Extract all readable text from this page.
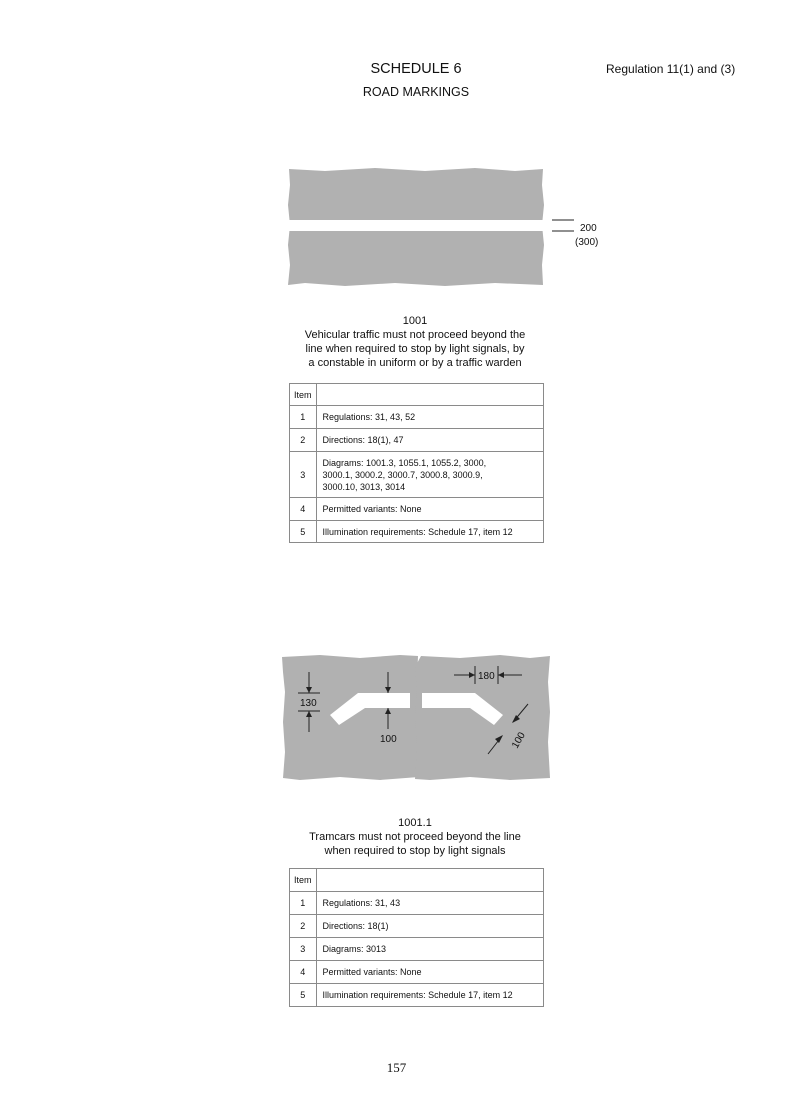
SCHEDULE 6
ROAD MARKINGS
Regulation 11(1) and (3)
200
(300)
1001
Vehicular traffic must not proceed beyond the
line when required to stop by light signals, by
a constable in uniform or by a traffic warden
Item	
1	Regulations: 31, 43, 52
2	Directions: 18(1), 47
3	Diagrams: 1001.3, 1055.1, 1055.2, 3000,
3000.1, 3000.2, 3000.7, 3000.8, 3000.9,
3000.10, 3013, 3014

4	Permitted variants: None
5	Illumination requirements: Schedule 17, item 12
130
100
180
100
1001.1
Tramcars must not proceed beyond the line
when required to stop by light signals
Item	
1	Regulations: 31, 43
2	Directions: 18(1)
3	Diagrams: 3013
4	Permitted variants: None
5	Illumination requirements: Schedule 17, item 12
157
